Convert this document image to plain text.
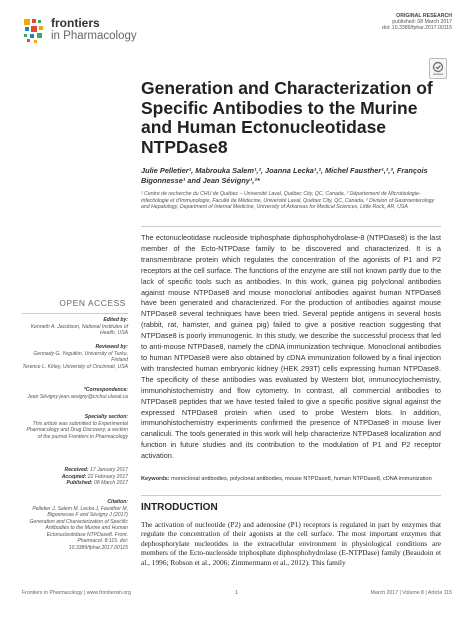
frontiers
in Pharmacology
ORIGINAL RESEARCH
published: 08 March 2017
doi: 10.3389/fphar.2017.00115
Generation and Characterization of Specific Antibodies to the Murine and Human Ectonucleotidase NTPDase8
Julie Pelletier¹, Mabrouka Salem¹,², Joanna Lecka¹,², Michel Fausther¹,²,³, François Bigonnesse¹ and Jean Sévigny¹,²*
¹ Centre de recherche du CHU de Québec – Université Laval, Québec City, QC, Canada, ² Département de Microbiologie-Infectiologie et d'Immunologie, Faculté de Médecine, Université Laval, Québec City, QC, Canada, ³ Division of Gastroenterology and Hepatology, Department of Internal Medicine, University of Arkansas for Medical Sciences, Little Rock, AR, USA
The ectonucleotidase nucleoside triphosphate diphosphohydrolase-8 (NTPDase8) is the last member of the Ecto-NTPDase family to be discovered and characterized. It is a transmembrane protein which regulates the concentration of the agonists of P1 and P2 receptors at the cell surface. The functions of the enzyme are still not known partly due to the lack of specific tools such as antibodies. In this work, guinea pig polyclonal antibodies against mouse NTPDase8 and mouse monoclonal antibodies against human NTPDase8 have been generated and characterized. For the production of antibodies against mouse NTPDase8 several techniques have been tried. Several peptide antigens in several hosts (rabbit, rat, hamster, and guinea pig) failed to give a positive reaction suggesting that NTPDase8 is poorly immunogenic. In this study, we describe the successful process that led to anti-mouse NTPDase8, namely the cDNA immunization technique. Monoclonal antibodies to human NTPDase8 were also obtained by cDNA immunization followed by a final injection with transfected human embryonic kidney (HEK 293T) cells expressing human NTPDase8. The specificity of these antibodies was evaluated by Western blot, immunocytochemistry, immunohistochemistry and flow cytometry. In contrast, all commercial antibodies to NTPDase8 peptides that we have tested failed to give a specific positive signal against the expressed NTPDase8 protein when used to probe Western blots. In addition, immunohistochemistry experiments confirmed the presence of NTPDase8 in mouse liver canaliculi. The tools generated in this work will help characterize NTPDase8 localization and function in future studies and its contribution to the modulation of P1 and P2 receptor activation.
Keywords: monoclonal antibodies, polyclonal antibodies, mouse NTPDase8, human NTPDase8, cDNA immunization
INTRODUCTION
The activation of nucleotide (P2) and adenosine (P1) receptors is regulated in part by enzymes that regulate the concentration of their agonists at the cell surface. The most important enzymes that dephosphorylate nucleotides in the extracellular environment in physiological conditions are members of the Ecto-nucleoside triphosphate diphosphohydrolase (E-NTPDase) family (Beaudoin et al., 1996; Robson et al., 2006; Zimmermann et al., 2012). This family
OPEN ACCESS
Edited by:
Kenneth A. Jacobson, National Institutes of Health, USA
Reviewed by:
Gennady G. Yegutkin, University of Turku, Finland
Terence L. Kirley, University of Cincinnati, USA
*Correspondence:
Jean Sévigny jean.sevigny@crchul.ulaval.ca
Specialty section:
This article was submitted to Experimental Pharmacology and Drug Discovery, a section of the journal Frontiers in Pharmacology
Received: 17 January 2017
Accepted: 22 February 2017
Published: 08 March 2017
Citation:
Pelletier J, Salem M, Lecka J, Fausther M, Bigonnesse F and Sévigny J (2017) Generation and Characterization of Specific Antibodies to the Murine and Human Ectonucleotidase NTPDase8. Front. Pharmacol. 8:115. doi: 10.3389/fphar.2017.00115
Frontiers in Pharmacology | www.frontiersin.org	1	March 2017 | Volume 8 | Article 115
